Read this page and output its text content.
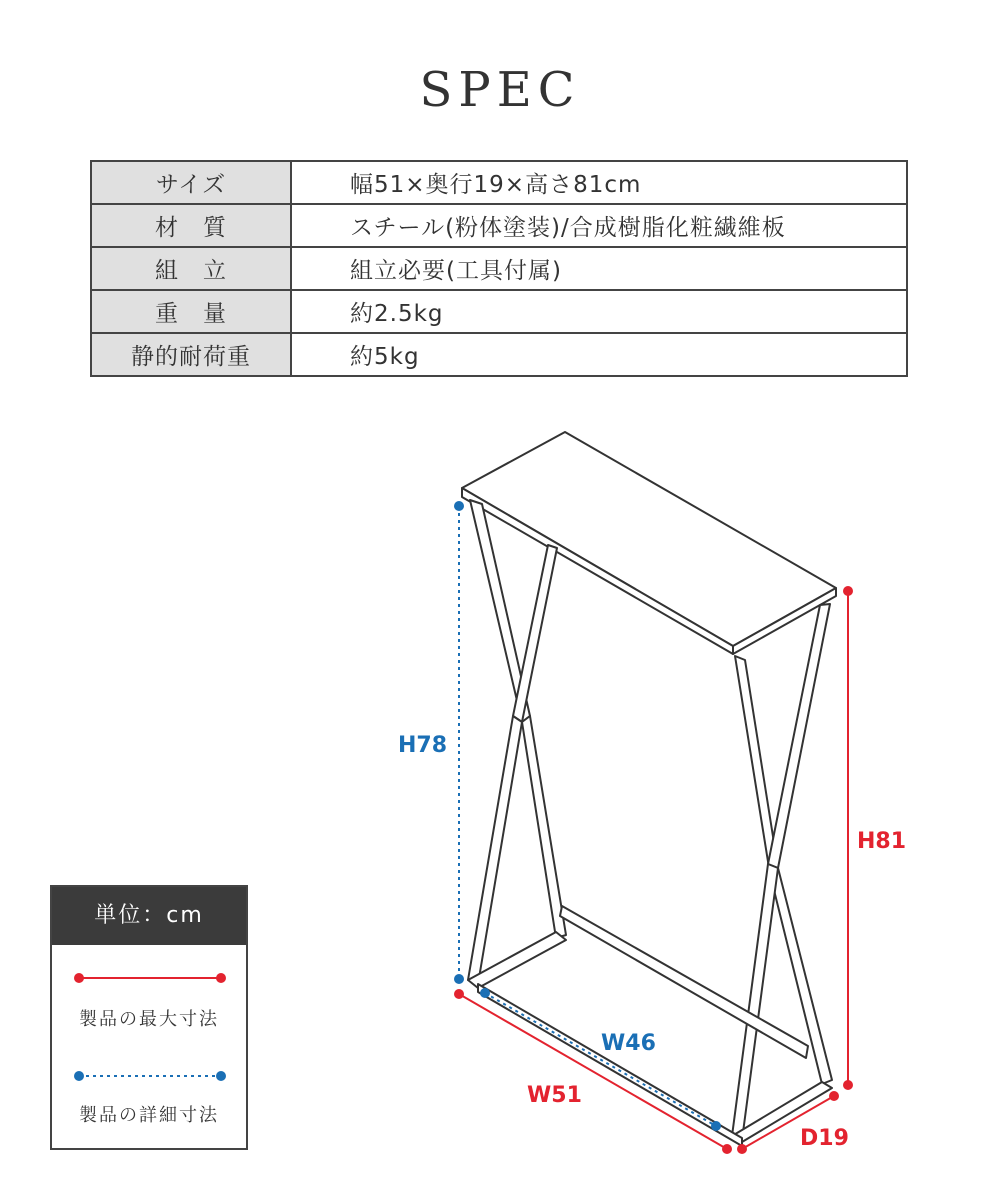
SPEC
サイズ	幅51×奥行19×高さ81cm
材　質	スチール(粉体塗装)/合成樹脂化粧繊維板
組　立	組立必要(工具付属)
重　量	約2.5kg
静的耐荷重	約5kg
H78
H81
W46
W51
D19
単位：cm
製品の最大寸法
製品の詳細寸法
